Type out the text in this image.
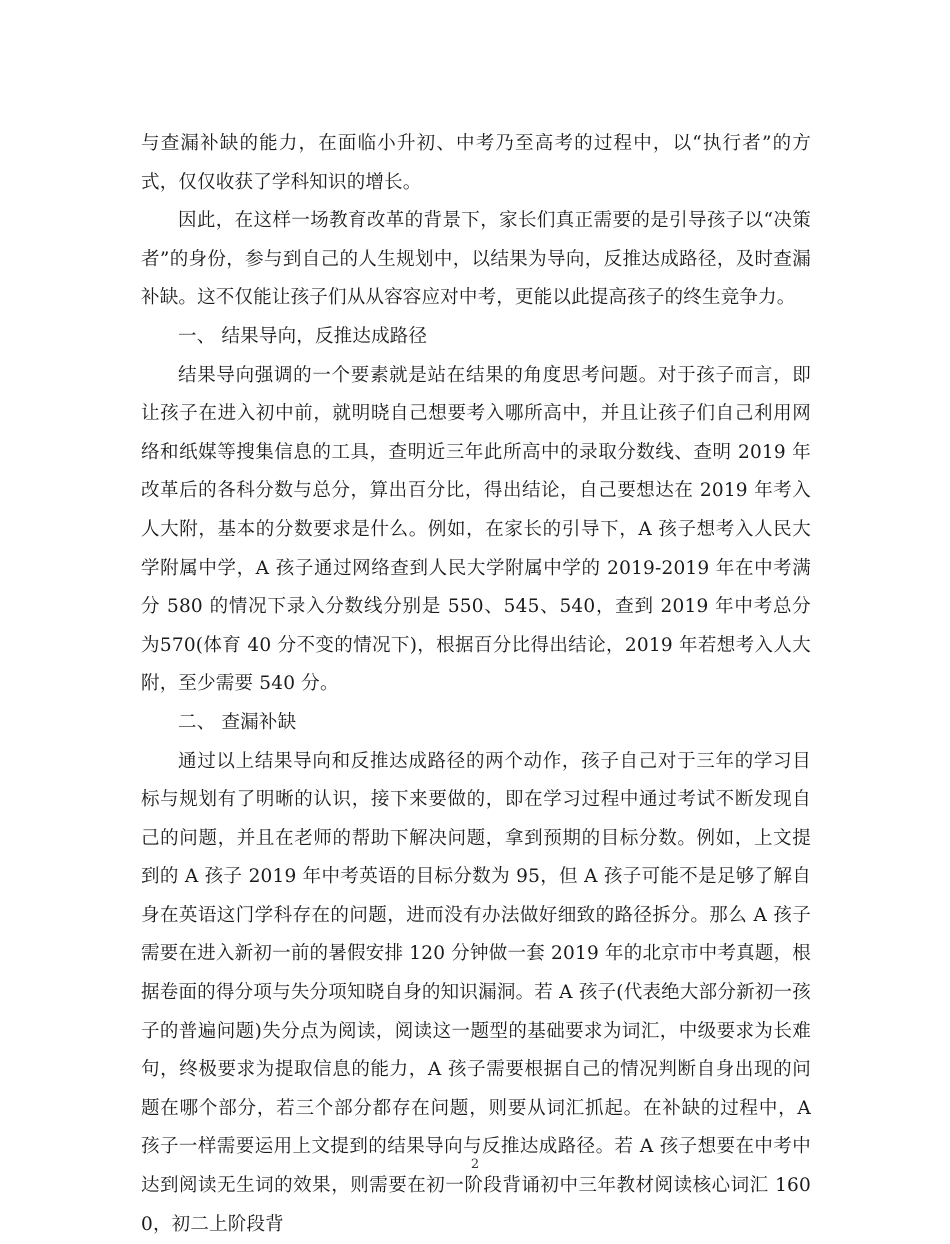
与查漏补缺的能力，在面临小升初、中考乃至高考的过程中，以“执行者”的方式，仅仅收获了学科知识的增长。

因此，在这样一场教育改革的背景下，家长们真正需要的是引导孩子以“决策者”的身份，参与到自己的人生规划中，以结果为导向，反推达成路径，及时查漏补缺。这不仅能让孩子们从从容容应对中考，更能以此提高孩子的终生竞争力。

一、 结果导向，反推达成路径

结果导向强调的一个要素就是站在结果的角度思考问题。对于孩子而言，即让孩子在进入初中前，就明晓自己想要考入哪所高中，并且让孩子们自己利用网络和纸媒等搜集信息的工具，查明近三年此所高中的录取分数线、查明 2019 年改革后的各科分数与总分，算出百分比，得出结论，自己要想达在 2019 年考入人大附，基本的分数要求是什么。例如，在家长的引导下，A 孩子想考入人民大学附属中学，A 孩子通过网络查到人民大学附属中学的 2019-2019 年在中考满分 580 的情况下录入分数线分别是 550、545、540，查到 2019 年中考总分为570(体育 40 分不变的情况下)，根据百分比得出结论，2019 年若想考入人大附，至少需要 540 分。

二、 查漏补缺

通过以上结果导向和反推达成路径的两个动作，孩子自己对于三年的学习目标与规划有了明晰的认识，接下来要做的，即在学习过程中通过考试不断发现自己的问题，并且在老师的帮助下解决问题，拿到预期的目标分数。例如，上文提到的 A 孩子 2019 年中考英语的目标分数为 95，但 A 孩子可能不是足够了解自身在英语这门学科存在的问题，进而没有办法做好细致的路径拆分。那么 A 孩子需要在进入新初一前的暑假安排 120 分钟做一套 2019 年的北京市中考真题，根据卷面的得分项与失分项知晓自身的知识漏洞。若 A 孩子(代表绝大部分新初一孩子的普遍问题)失分点为阅读，阅读这一题型的基础要求为词汇，中级要求为长难句，终极要求为提取信息的能力，A 孩子需要根据自己的情况判断自身出现的问题在哪个部分，若三个部分都存在问题，则要从词汇抓起。在补缺的过程中，A 孩子一样需要运用上文提到的结果导向与反推达成路径。若 A 孩子想要在中考中达到阅读无生词的效果，则需要在初一阶段背诵初中三年教材阅读核心词汇 1600，初二上阶段背

2
